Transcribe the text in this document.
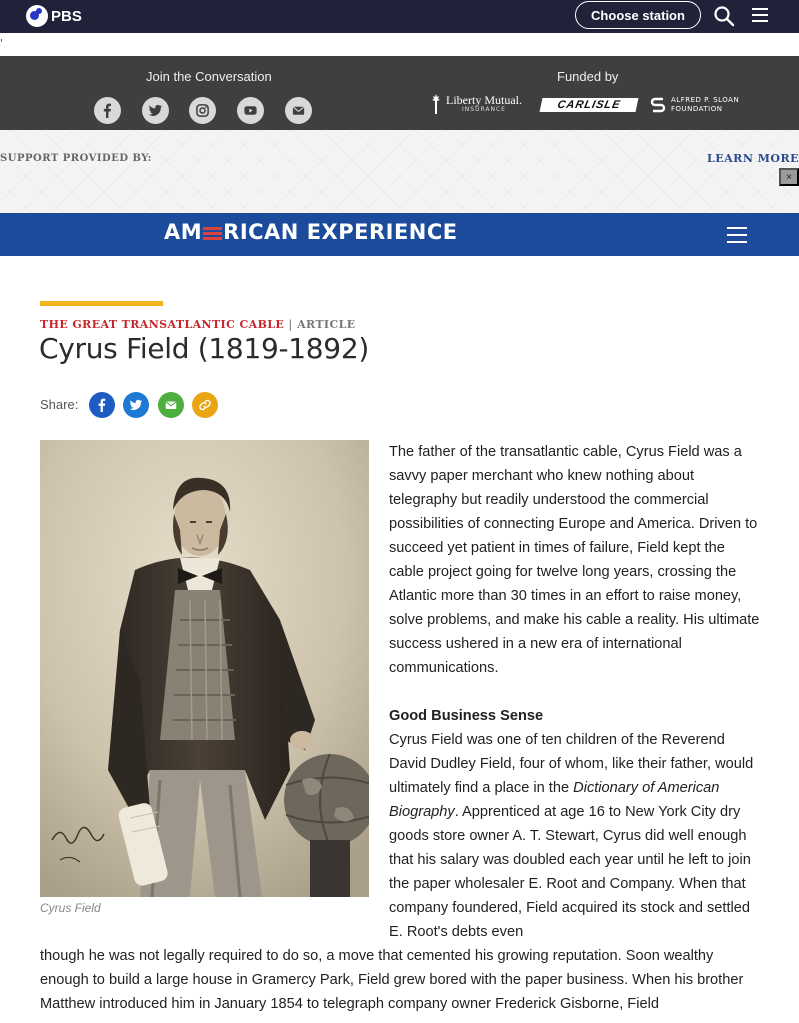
PBS	Choose station
'
Join the Conversation	Funded by
Liberty Mutual.
INSURANCE	CARLISLE	ALFRED P. SLOAN
FOUNDATION
SUPPORT PROVIDED BY:	LEARN MORE
×
AM RICAN EXPERIENCE
THE GREAT TRANSATLANTIC CABLE | ARTICLE
Cyrus Field (1819-1892)
Share:
Cyrus Field

The father of the transatlantic cable, Cyrus Field was a savvy paper merchant who knew nothing about telegraphy but readily understood the commercial possibilities of connecting Europe and America. Driven to succeed yet patient in times of failure, Field kept the cable project going for twelve long years, crossing the Atlantic more than 30 times in an effort to raise money, solve problems, and make his cable a reality. His ultimate success ushered in a new era of international communications.

Good Business Sense
Cyrus Field was one of ten children of the Reverend David Dudley Field, four of whom, like their father, would ultimately find a place in the Dictionary of American Biography. Apprenticed at age 16 to New York City dry goods store owner A. T. Stewart, Cyrus did well enough that his salary was doubled each year until he left to join the paper wholesaler E. Root and Company. When that company foundered, Field acquired its stock and settled E. Root's debts even
though he was not legally required to do so, a move that cemented his growing reputation. Soon wealthy enough to build a large house in Gramercy Park, Field grew bored with the paper business. When his brother Matthew introduced him in January 1854 to telegraph company owner Frederick Gisborne, Field
